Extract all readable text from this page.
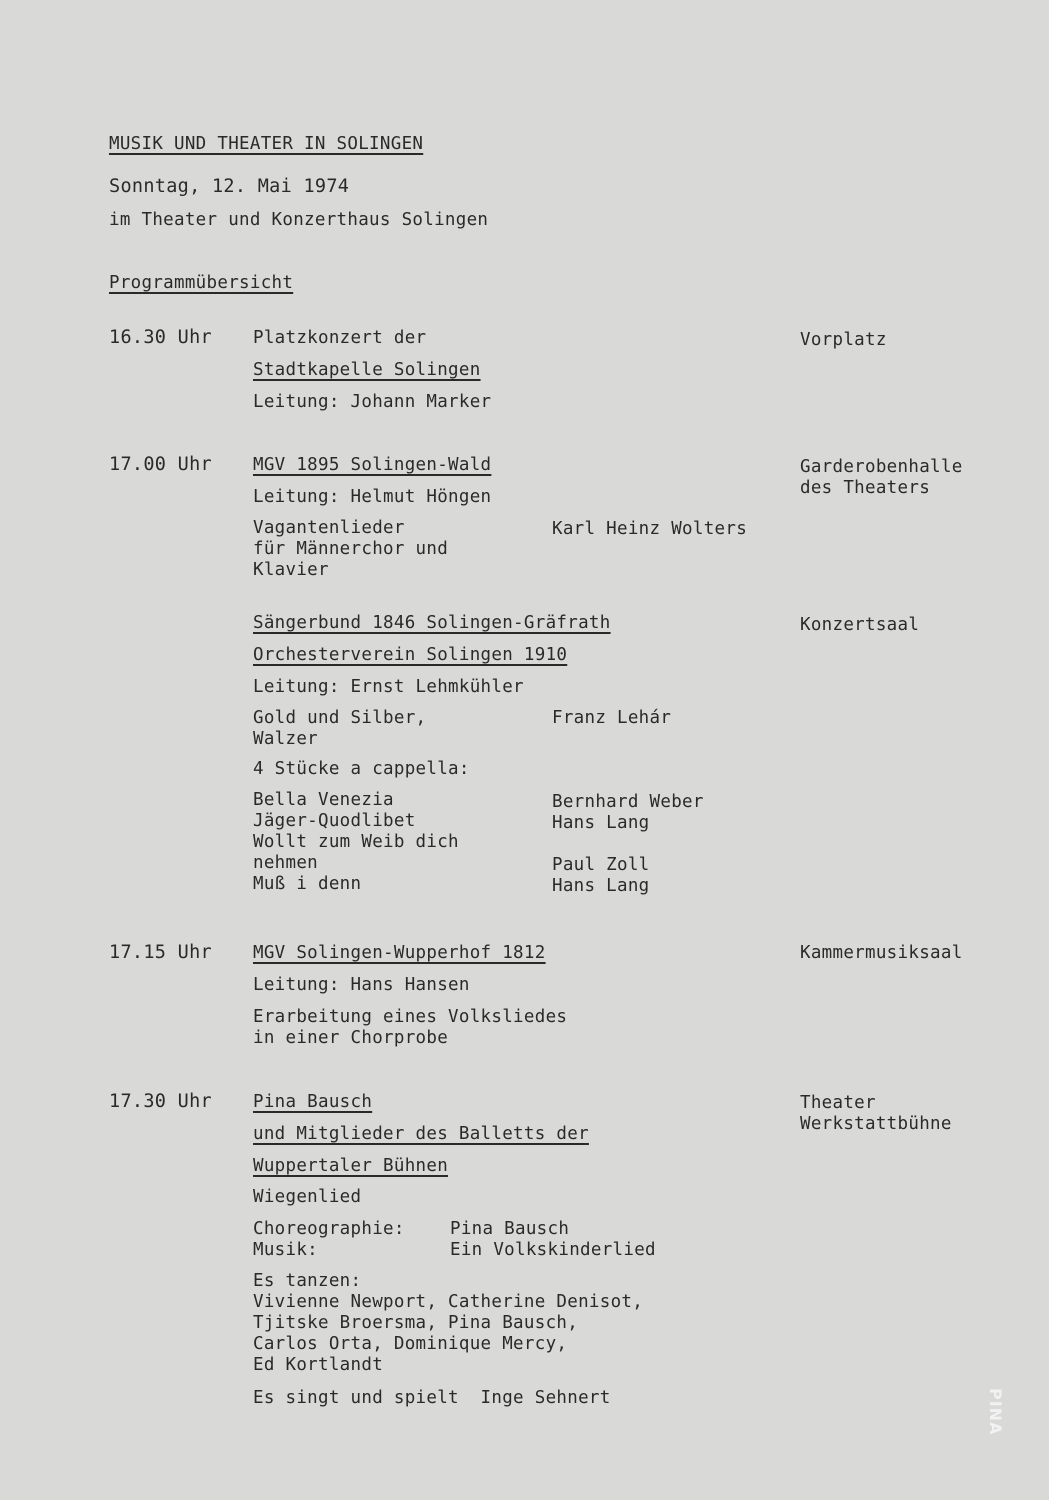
MUSIK UND THEATER IN SOLINGEN
Sonntag, 12. Mai 1974
im Theater und Konzerthaus Solingen
Programmübersicht
16.30 Uhr Platzkonzert der
Stadtkapelle Solingen
Leitung: Johann Marker
Vorplatz
17.00 Uhr MGV 1895 Solingen-Wald
Leitung: Helmut Höngen
Vagantenlieder
für Männerchor und
Klavier
Karl Heinz Wolters
Garderobenhalle
des Theaters
Sängerbund 1846 Solingen-Gräfrath
Orchesterverein Solingen 1910
Leitung: Ernst Lehmkühler
Gold und Silber,
Walzer
Franz Lehár
4 Stücke a cappella:
Bella Venezia
Jäger-Quodlibet
Wollt zum Weib dich
nehmen
Muß i denn
Bernhard Weber
Hans Lang

Paul Zoll
Hans Lang
Konzertsaal
17.15 Uhr MGV Solingen-Wupperhof 1812
Leitung: Hans Hansen
Erarbeitung eines Volksliedes
in einer Chorprobe
Kammermusiksaal
17.30 Uhr Pina Bausch
und Mitglieder des Balletts der
Wuppertaler Bühnen
Wiegenlied
Choreographie:
Musik:
Pina Bausch
Ein Volkskinderlied
Es tanzen:
Vivienne Newport, Catherine Denisot,
Tjitske Broersma, Pina Bausch,
Carlos Orta, Dominique Mercy,
Ed Kortlandt
Es singt und spielt  Inge Sehnert
Theater
Werkstattbühne
PINA
